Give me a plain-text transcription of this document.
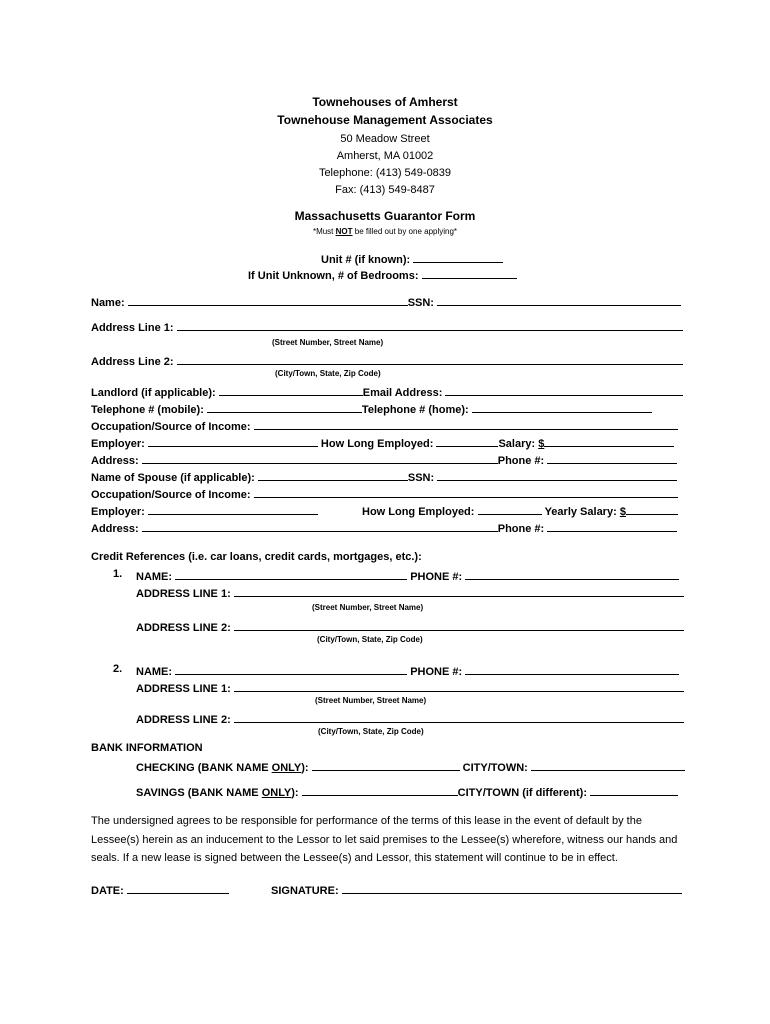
Townehouses of Amherst
Townehouse Management Associates
50 Meadow Street
Amherst, MA 01002
Telephone: (413) 549-0839
Fax: (413) 549-8487
Massachusetts Guarantor Form
*Must NOT be filled out by one applying*
Unit # (if known):
If Unit Unknown, # of Bedrooms:
Name:	SSN:
Address Line 1:
(Street Number, Street Name)
Address Line 2:
(City/Town, State, Zip Code)
Landlord (if applicable):	Email Address:
Telephone # (mobile):	Telephone # (home):
Occupation/Source of Income:
Employer:	How Long Employed:	Salary: $
Address:	Phone #:
Name of Spouse (if applicable):	SSN:
Occupation/Source of Income:
Employer:	How Long Employed:	Yearly Salary: $
Address:	Phone #:
Credit References (i.e. car loans, credit cards, mortgages, etc.):
1. NAME:	PHONE #:
ADDRESS LINE 1:
(Street Number, Street Name)
ADDRESS LINE 2:
(City/Town, State, Zip Code)
2. NAME:	PHONE #:
ADDRESS LINE 1:
(Street Number, Street Name)
ADDRESS LINE 2:
(City/Town, State, Zip Code)
BANK INFORMATION
CHECKING (BANK NAME ONLY):	CITY/TOWN:
SAVINGS (BANK NAME ONLY):	CITY/TOWN (if different):
The undersigned agrees to be responsible for performance of the terms of this lease in the event of default by the Lessee(s) herein as an inducement to the Lessor to let said premises to the Lessee(s) wherefore, witness our hands and seals. If a new lease is signed between the Lessee(s) and Lessor, this statement will continue to be in effect.
DATE:	SIGNATURE:
